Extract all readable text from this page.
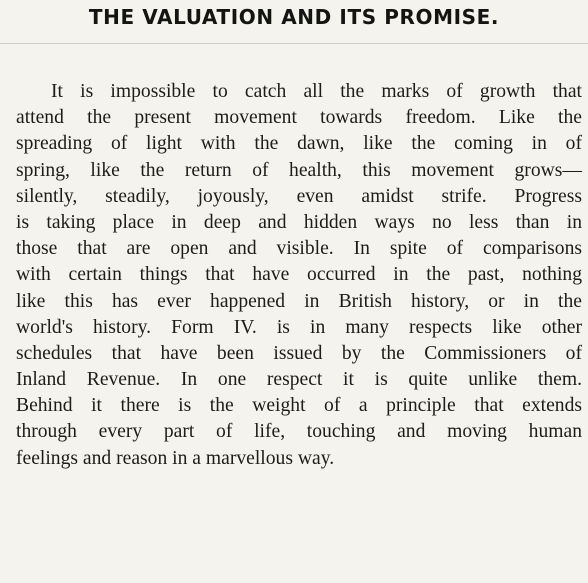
THE VALUATION AND ITS PROMISE.
It is impossible to catch all the marks of growth that
attend the present movement towards freedom. Like the
spreading of light with the dawn, like the coming in of
spring, like the return of health, this movement grows—
silently, steadily, joyously, even amidst strife. Progress
is taking place in deep and hidden ways no less than in
those that are open and visible. In spite of comparisons
with certain things that have occurred in the past, nothing
like this has ever happened in British history, or in the
world's history. Form IV. is in many respects like other
schedules that have been issued by the Commissioners of
Inland Revenue. In one respect it is quite unlike them.
Behind it there is the weight of a principle that extends
through every part of life, touching and moving human
feelings and reason in a marvellous way.
